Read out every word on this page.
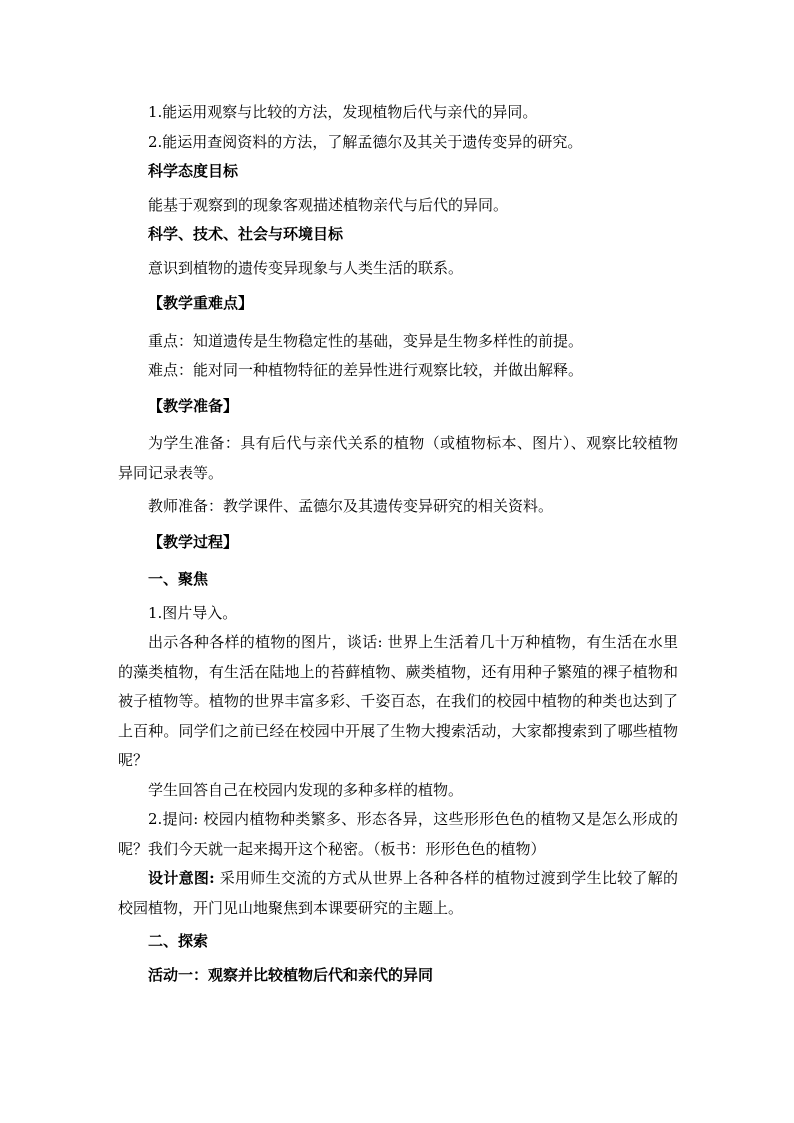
1.能运用观察与比较的方法，发现植物后代与亲代的异同。

2.能运用查阅资料的方法，了解孟德尔及其关于遗传变异的研究。

科学态度目标

能基于观察到的现象客观描述植物亲代与后代的异同。

科学、技术、社会与环境目标

意识到植物的遗传变异现象与人类生活的联系。

【教学重难点】

重点：知道遗传是生物稳定性的基础，变异是生物多样性的前提。

难点：能对同一种植物特征的差异性进行观察比较，并做出解释。

【教学准备】

为学生准备：具有后代与亲代关系的植物（或植物标本、图片）、观察比较植物异同记录表等。

教师准备：教学课件、孟德尔及其遗传变异研究的相关资料。

【教学过程】

一、聚焦

1.图片导入。

出示各种各样的植物的图片，谈话: 世界上生活着几十万种植物，有生活在水里的藻类植物，有生活在陆地上的苔藓植物、蕨类植物，还有用种子繁殖的裸子植物和被子植物等。植物的世界丰富多彩、千姿百态，在我们的校园中植物的种类也达到了上百种。同学们之前已经在校园中开展了生物大搜索活动，大家都搜索到了哪些植物呢？

学生回答自己在校园内发现的多种多样的植物。

2.提问: 校园内植物种类繁多、形态各异，这些形形色色的植物又是怎么形成的呢？我们今天就一起来揭开这个秘密。（板书：形形色色的植物）

设计意图: 采用师生交流的方式从世界上各种各样的植物过渡到学生比较了解的校园植物，开门见山地聚焦到本课要研究的主题上。

二、探索

活动一：观察并比较植物后代和亲代的异同
